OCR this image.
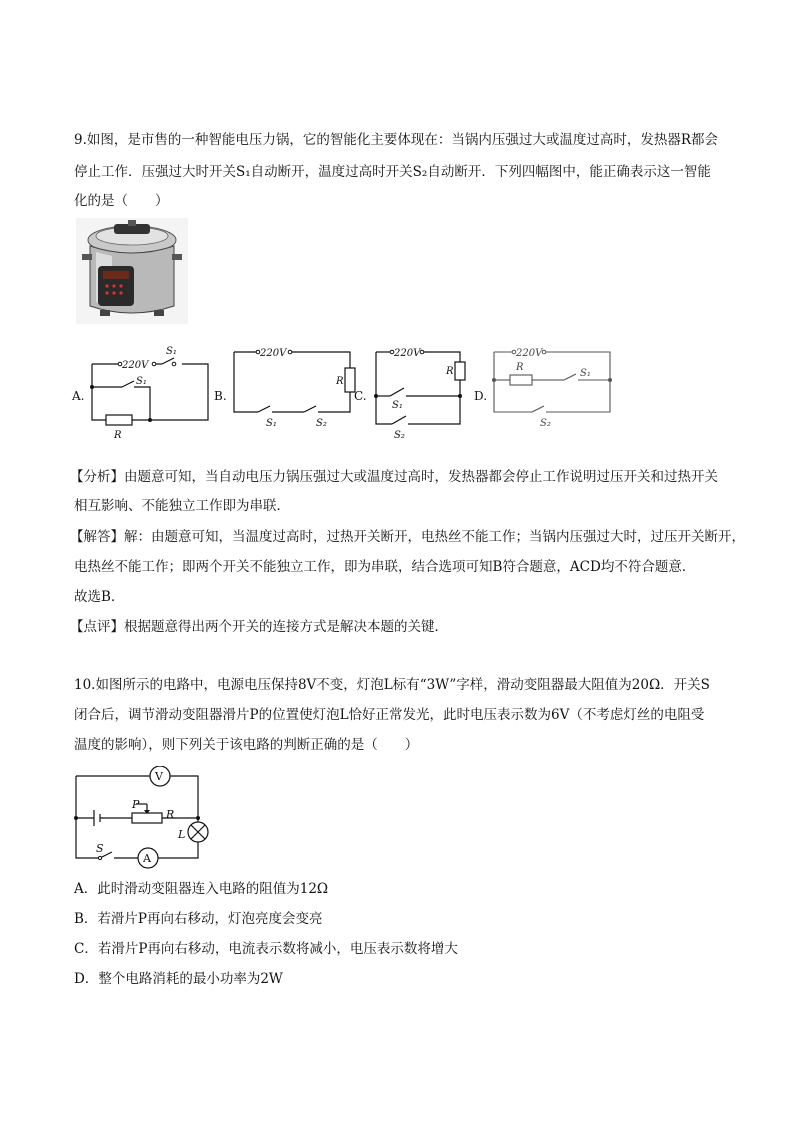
9.如图，是市售的一种智能电压力锅，它的智能化主要体现在：当锅内压强过大或温度过高时，发热器R都会
停止工作．压强过大时开关S₁自动断开，温度过高时开关S₂自动断开．下列四幅图中，能正确表示这一智能
化的是（　　）
220V
S₁
S₁
R
A.
220V
R
S₁	S₂
B.
220V
R
S₁
S₂
C.
220V
R
S₁
S₂
D.
【分析】由题意可知，当自动电压力锅压强过大或温度过高时，发热器都会停止工作说明过压开关和过热开关
相互影响、不能独立工作即为串联．
【解答】解：由题意可知，当温度过高时，过热开关断开，电热丝不能工作；当锅内压强过大时，过压开关断开，
电热丝不能工作；即两个开关不能独立工作，即为串联，结合选项可知B符合题意，ACD均不符合题意．
故选B．
【点评】根据题意得出两个开关的连接方式是解决本题的关键．
10.如图所示的电路中，电源电压保持8V不变，灯泡L标有“3W”字样，滑动变阻器最大阻值为20Ω．开关S
闭合后，调节滑动变阻器滑片P的位置使灯泡L恰好正常发光，此时电压表示数为6V（不考虑灯丝的电阻受
温度的影响），则下列关于该电路的判断正确的是（　　）
V
A
P
R
L
S
A．此时滑动变阻器连入电路的阻值为12Ω
B．若滑片P再向右移动，灯泡亮度会变亮
C．若滑片P再向右移动，电流表示数将减小，电压表示数将增大
D．整个电路消耗的最小功率为2W
